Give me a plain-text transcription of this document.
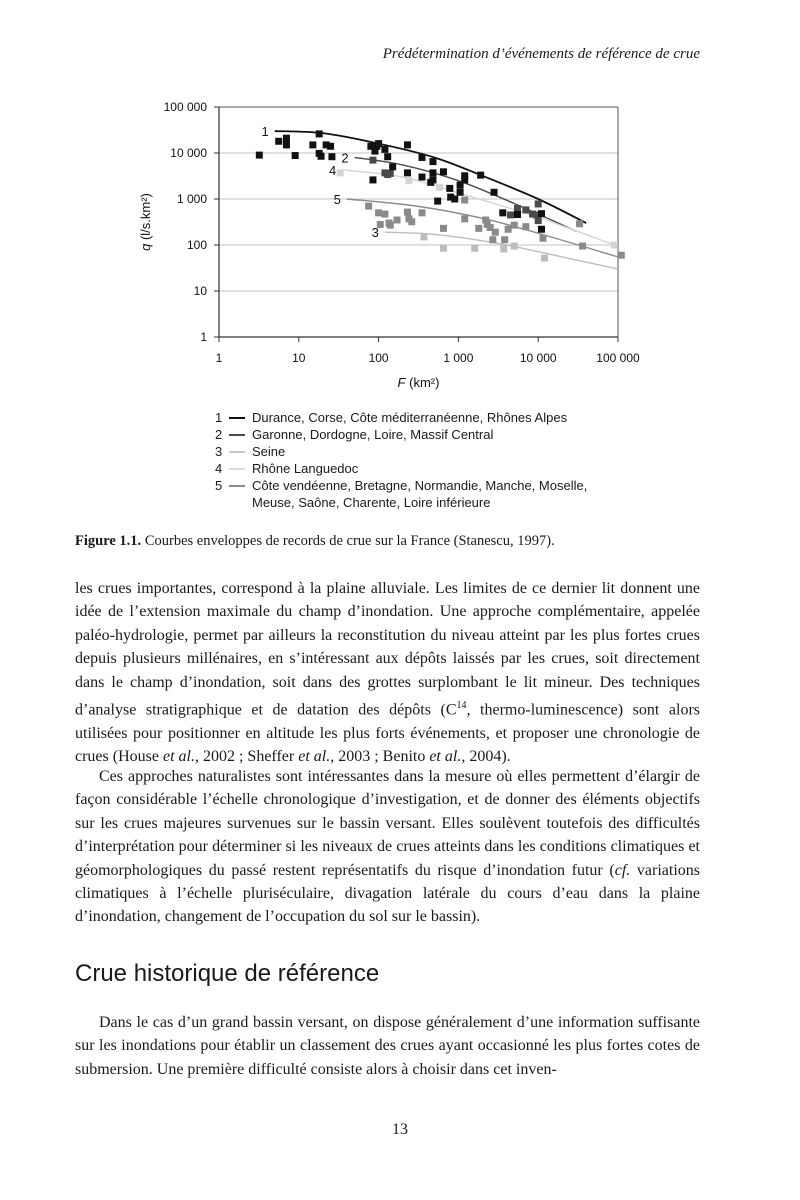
Prédétermination d’événements de référence de crue
1
10
100
1 000
10 000
100 000
1	10	100	1 000	10 000	100 000
F (km²)
q (l/s.km²)
1
2
4
5
3
1	Durance, Corse, Côte méditerranéenne, Rhônes Alpes
2	Garonne, Dordogne, Loire, Massif Central
3	Seine
4	Rhône Languedoc
5	Côte vendéenne, Bretagne, Normandie, Manche, Moselle,
Meuse, Saône, Charente, Loire inférieure
Figure 1.1. Courbes enveloppes de records de crue sur la France (Stanescu, 1997).

les crues importantes, correspond à la plaine alluviale. Les limites de ce dernier lit donnent une idée de l’extension maximale du champ d’inondation. Une approche complémentaire, appelée paléo-hydrologie, permet par ailleurs la reconstitution du niveau atteint par les plus fortes crues depuis plusieurs millénaires, en s’intéressant aux dépôts laissés par les crues, soit directement dans le champ d’inondation, soit dans des grottes surplombant le lit mineur. Des techniques d’analyse stratigraphique et de datation des dépôts ($C^{14}$, thermo-luminescence) sont alors utilisées pour positionner en altitude les plus forts événements, et proposer une chronologie de crues (House et al., 2002 ; Sheffer et al., 2003 ; Benito et al., 2004).

Ces approches naturalistes sont intéressantes dans la mesure où elles permettent d’élargir de façon considérable l’échelle chronologique d’investigation, et de donner des éléments objectifs sur les crues majeures survenues sur le bassin versant. Elles soulèvent toutefois des difficultés d’interprétation pour déterminer si les niveaux de crues atteints dans les conditions climatiques et géomorphologiques du passé restent représentatifs du risque d’inondation futur (cf. variations climatiques à l’échelle pluriséculaire, divagation latérale du cours d’eau dans la plaine d’inondation, changement de l’occupation du sol sur le bassin).

Crue historique de référence

Dans le cas d’un grand bassin versant, on dispose généralement d’une information suffisante sur les inondations pour établir un classement des crues ayant occasionné les plus fortes cotes de submersion. Une première difficulté consiste alors à choisir dans cet inven-

13
